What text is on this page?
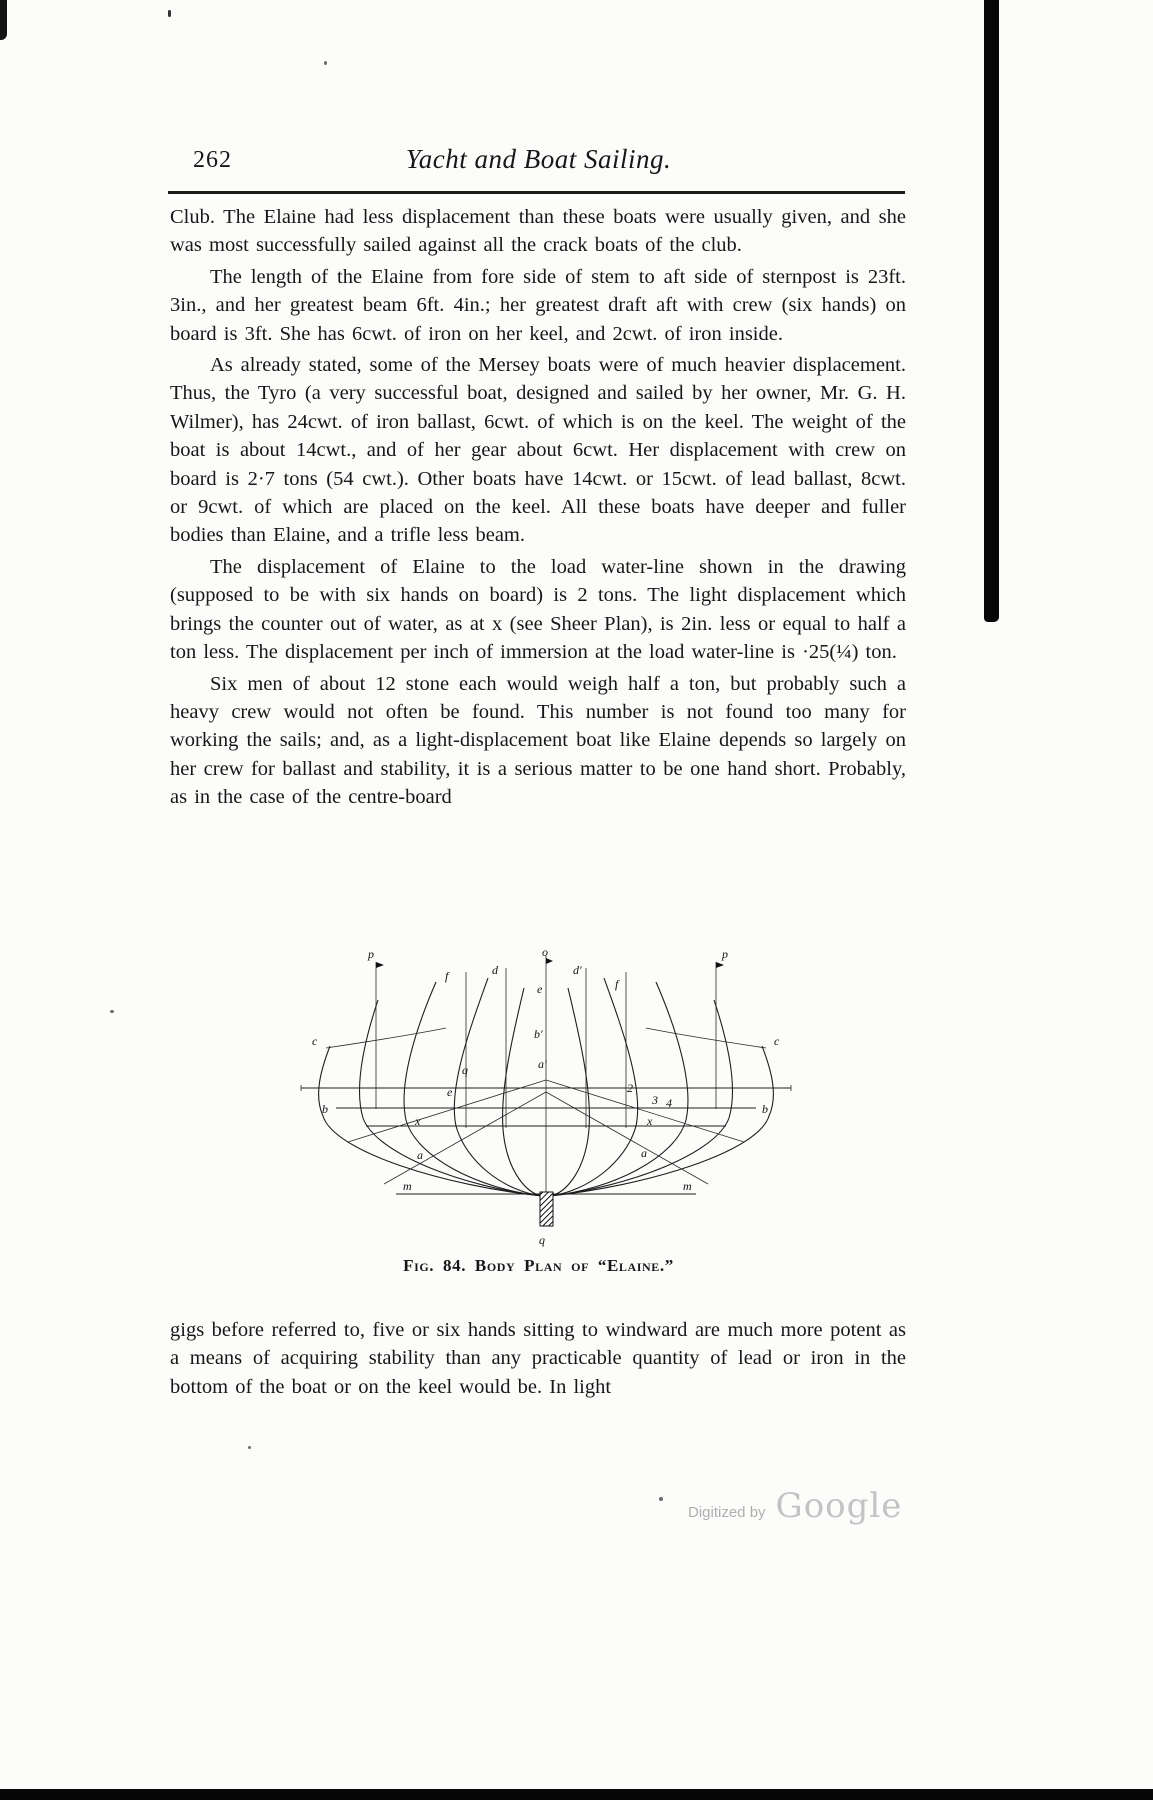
262	Yacht and Boat Sailing.

Club. The Elaine had less displacement than these boats were usually given, and she was most successfully sailed against all the crack boats of the club.

The length of the Elaine from fore side of stem to aft side of sternpost is 23ft. 3in., and her greatest beam 6ft. 4in.; her greatest draft aft with crew (six hands) on board is 3ft. She has 6cwt. of iron on her keel, and 2cwt. of iron inside.

As already stated, some of the Mersey boats were of much heavier displacement. Thus, the Tyro (a very successful boat, designed and sailed by her owner, Mr. G. H. Wilmer), has 24cwt. of iron ballast, 6cwt. of which is on the keel. The weight of the boat is about 14cwt., and of her gear about 6cwt. Her displacement with crew on board is 2·7 tons (54 cwt.). Other boats have 14cwt. or 15cwt. of lead ballast, 8cwt. or 9cwt. of which are placed on the keel. All these boats have deeper and fuller bodies than Elaine, and a trifle less beam.

The displacement of Elaine to the load water-line shown in the drawing (supposed to be with six hands on board) is 2 tons. The light displacement which brings the counter out of water, as at x (see Sheer Plan), is 2in. less or equal to half a ton less. The displacement per inch of immersion at the load water-line is ·25(¼) ton.

Six men of about 12 stone each would weigh half a ton, but probably such a heavy crew would not often be found. This number is not found too many for working the sails; and, as a light-displacement boat like Elaine depends so largely on her crew for ballast and stability, it is a serious matter to be one hand short. Probably, as in the case of the centre-board

p	o	p
f	d
e
d′
f
c	c
b′
a′
q
e	2
3 4
x	x
a	a
b	b
m	m
q
Fig. 84. Body Plan of “Elaine.”

gigs before referred to, five or six hands sitting to windward are much more potent as a means of acquiring stability than any practicable quantity of lead or iron in the bottom of the boat or on the keel would be. In light

Digitized by Google
